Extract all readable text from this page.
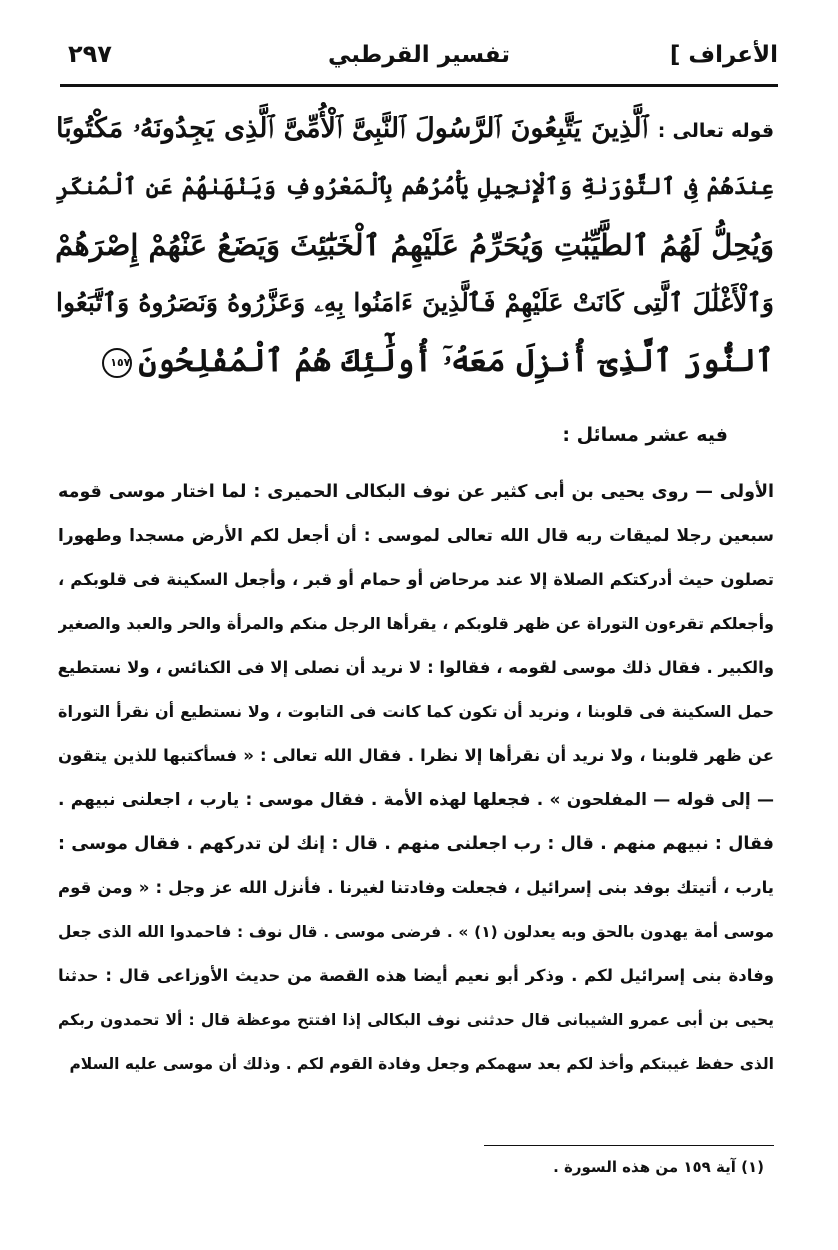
الأعراف ]
تفسير القرطبي
٢٩٧
قوله تعالى :ٱلَّذِينَ يَتَّبِعُونَ ٱلرَّسُولَ ٱلنَّبِىَّ ٱلْأُمِّىَّ ٱلَّذِى يَجِدُونَهُۥ مَكْتُوبًا
عِندَهُمْ فِى ٱلتَّوْرَىٰةِ وَٱلْإِنجِيلِ يَأْمُرُهُم بِٱلْمَعْرُوفِ وَيَنْهَىٰهُمْ عَنِ ٱلْمُنكَرِ
وَيُحِلُّ لَهُمُ ٱلطَّيِّبَٰتِ وَيُحَرِّمُ عَلَيْهِمُ ٱلْخَبَٰٓئِثَ وَيَضَعُ عَنْهُمْ إِصْرَهُمْ
وَٱلْأَغْلَٰلَ ٱلَّتِى كَانَتْ عَلَيْهِمْ فَٱلَّذِينَ ءَامَنُوا بِهِۦ وَعَزَّرُوهُ وَنَصَرُوهُ وَٱتَّبَعُوا
ٱلنُّورَ ٱلَّذِىٓ أُنزِلَ مَعَهُۥٓ أُولَٰٓئِكَ هُمُ ٱلْمُفْلِحُونَ١٥٧
فيه عشر مسائل :
الأولى — روى يحيى بن أبى كثير عن نوف البكالى الحميرى : لما اختار موسى قومه
سبعين رجلا لميقات ربه قال الله تعالى لموسى : أن أجعل لكم الأرض مسجدا وطهورا
تصلون حيث أدركتكم الصلاة إلا عند مرحاض أو حمام أو قبر ، وأجعل السكينة فى قلوبكم ،
وأجعلكم تقرءون التوراة عن ظهر قلوبكم ، يقرأها الرجل منكم والمرأة والحر والعبد والصغير
والكبير . فقال ذلك موسى لقومه ، فقالوا : لا نريد أن نصلى إلا فى الكنائس ، ولا نستطيع
حمل السكينة فى قلوبنا ، ونريد أن تكون كما كانت فى التابوت ، ولا نستطيع أن نقرأ التوراة
عن ظهر قلوبنا ، ولا نريد أن نقرأها إلا نظرا . فقال الله تعالى : « فسأكتبها للذين يتقون
— إلى قوله — المفلحون » . فجعلها لهذه الأمة . فقال موسى : يارب ، اجعلنى نبيهم .
فقال : نبيهم منهم . قال : رب اجعلنى منهم . قال : إنك لن تدركهم . فقال موسى :
يارب ، أتيتك بوفد بنى إسرائيل ، فجعلت وفادتنا لغيرنا . فأنزل الله عز وجل : « ومن قوم
موسى أمة يهدون بالحق وبه يعدلون (١) » . فرضى موسى . قال نوف : فاحمدوا الله الذى جعل
وفادة بنى إسرائيل لكم . وذكر أبو نعيم أيضا هذه القصة من حديث الأوزاعى قال : حدثنا
يحيى بن أبى عمرو الشيبانى قال حدثنى نوف البكالى إذا افتتح موعظة قال : ألا تحمدون ربكم
الذى حفظ غيبتكم وأخذ لكم بعد سهمكم وجعل وفادة القوم لكم . وذلك أن موسى عليه السلام
(١) آية ١٥٩ من هذه السورة .
